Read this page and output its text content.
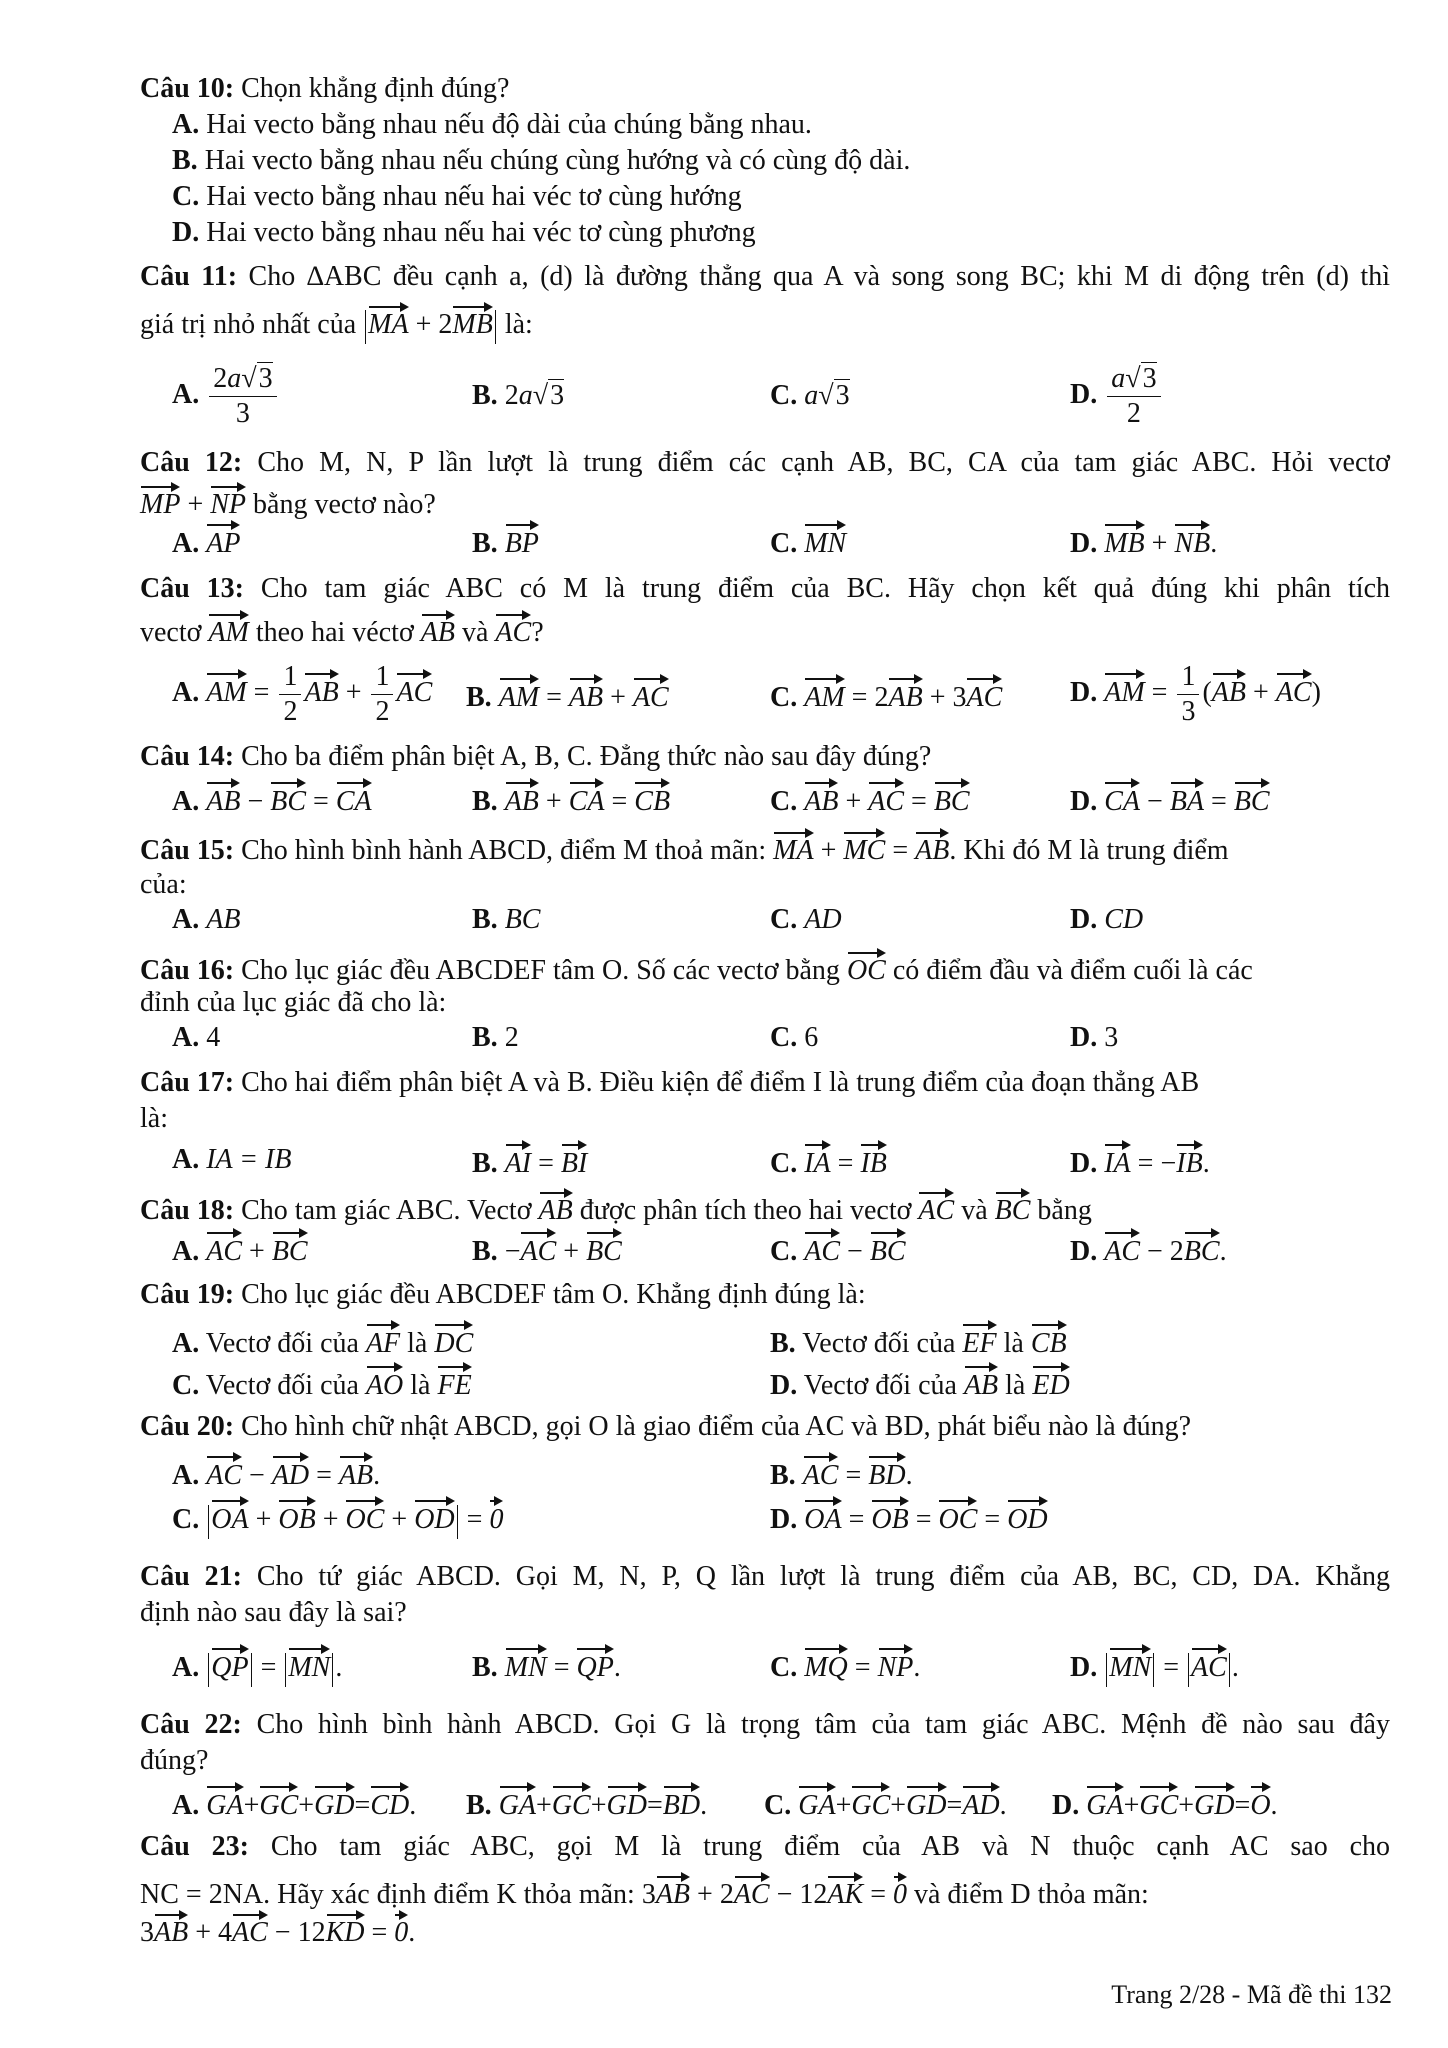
Câu 10: Chọn khẳng định đúng?
A. Hai vecto bằng nhau nếu độ dài của chúng bằng nhau.
B. Hai vecto bằng nhau nếu chúng cùng hướng và có cùng độ dài.
C. Hai vecto bằng nhau nếu hai véc tơ cùng hướng
D. Hai vecto bằng nhau nếu hai véc tơ cùng phương
Câu 11: Cho ∆ABC đều cạnh a, (d) là đường thẳng qua A và song song BC; khi M di động trên (d) thì
giá trị nhỏ nhất của MA + 2MB là:
A. $\frac{2a√3}{3}$	B. 2a√3	C. a√3	D. $\frac{a√3}{2}$
Câu 12: Cho M, N, P lần lượt là trung điểm các cạnh AB, BC, CA của tam giác ABC. Hỏi vectơ
MP + NP bằng vectơ nào?
A. AP	B. BP	C. MN	D. MB + NB.
Câu 13: Cho tam giác ABC có M là trung điểm của BC. Hãy chọn kết quả đúng khi phân tích
vectơ AM theo hai véctơ AB và AC?
A. AM = $\frac{1}{2}$ AB + $\frac{1}{2}$ AC B. AM = AB + AC	C. AM = 2AB + 3AC D. AM = $\frac{1}{3} (AB + AC)$
Câu 14: Cho ba điểm phân biệt A, B, C. Đẳng thức nào sau đây đúng?
A. AB − BC = CA	B. AB + CA = CB	C. AB + AC = BC	D. CA − BA = BC
Câu 15: Cho hình bình hành ABCD, điểm M thoả mãn: MA + MC = AB. Khi đó M là trung điểm
của:
A. AB	B. BC	C. AD	D. CD
Câu 16: Cho lục giác đều ABCDEF tâm O. Số các vectơ bằng OC có điểm đầu và điểm cuối là các
đỉnh của lục giác đã cho là:
A. 4	B. 2	C. 6	D. 3
Câu 17: Cho hai điểm phân biệt A và B. Điều kiện để điểm I là trung điểm của đoạn thẳng AB
là:
A. IA = IB	B. AI = BI	C. IA = IB	D. IA = −IB.
Câu 18: Cho tam giác ABC. Vectơ AB được phân tích theo hai vectơ AC và BC bằng
A. AC + BC	B. −AC + BC	C. AC − BC	D. AC − 2BC.
Câu 19: Cho lục giác đều ABCDEF tâm O. Khẳng định đúng là:
A. Vectơ đối của AF là DC	B. Vectơ đối của EF là CB
C. Vectơ đối của AO là FE	D. Vectơ đối của AB là ED
Câu 20: Cho hình chữ nhật ABCD, gọi O là giao điểm của AC và BD, phát biểu nào là đúng?
A. AC − AD = AB.	B. AC = BD.
C. OA + OB + OC + OD = 0	D. OA = OB = OC = OD
Câu 21: Cho tứ giác ABCD. Gọi M, N, P, Q lần lượt là trung điểm của AB, BC, CD, DA. Khẳng
định nào sau đây là sai?
A. QP = MN .	B. MN = QP.	C. MQ = NP.	D. MN = AC .
Câu 22: Cho hình bình hành ABCD. Gọi G là trọng tâm của tam giác ABC. Mệnh đề nào sau đây
đúng?
A. GA+GC+GD=CD. B. GA+GC+GD=BD. C. GA+GC+GD=AD. D. GA+GC+GD=O.
Câu 23: Cho tam giác ABC, gọi M là trung điểm của AB và N thuộc cạnh AC sao cho
NC = 2NA. Hãy xác định điểm K thỏa mãn: 3AB + 2AC − 12AK = 0 và điểm D thỏa mãn:
3AB + 4AC − 12KD = 0.
Trang 2/28 - Mã đề thi 132
